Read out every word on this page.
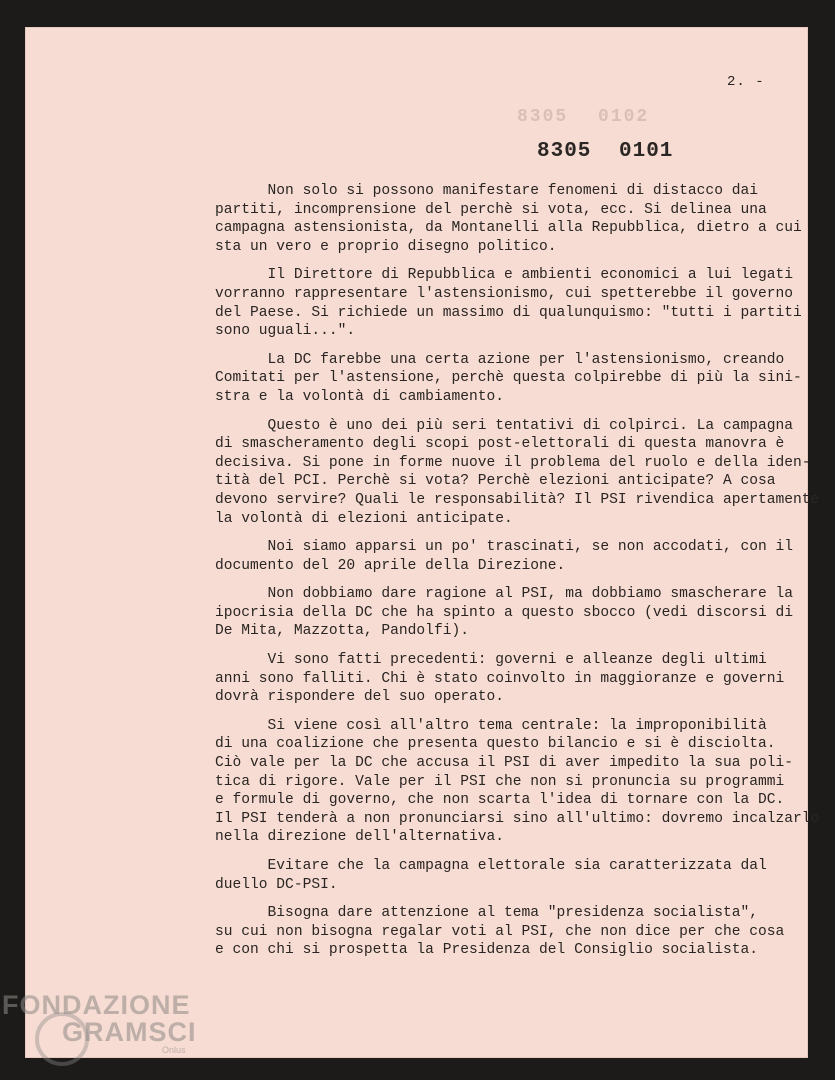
2. -
8305 0102
8305 0101

Non solo si possono manifestare fenomeni di distacco dai
partiti, incomprensione del perchè si vota, ecc. Si delinea una
campagna astensionista, da Montanelli alla Repubblica, dietro a
sta un vero e proprio disegno politico.

Il Direttore di Repubblica e ambienti economici a lui legati
vorranno rappresentare l'astensionismo, cui spetterebbe il governo
del Paese. Si richiede un massimo di qualunquismo: "tutti i partiti
sono uguali...".

La DC farebbe una certa azione per l'astensionismo, creando
Comitati per l'astensione, perchè questa colpirebbe di più la
stra e la volontà di cambiamento.

Questo è uno dei più seri tentativi di colpirci. La campagna
di smascheramento degli scopi post-elettorali di questa manovra
decisiva. Si pone in forme nuove il problema del ruolo e della
tità del PCI. Perchè si vota? Perchè elezioni anticipate? A cosa
devono servire? Quali le responsabilità? Il PSI rivendica apertamente
la volontà di elezioni anticipate.

Noi siamo apparsi un po' trascinati, se non accodati, con
documento del 20 aprile della Direzione.

Non dobbiamo dare ragione al PSI, ma dobbiamo smascherare
ipocrisia della DC che ha spinto a questo sbocco (vedi discorsi
De Mita, Mazzotta, Pandolfi).

Vi sono fatti precedenti: governi e alleanze degli ultimi
anni sono falliti. Chi è stato coinvolto in maggioranze e governi
dovrà rispondere del suo operato.

Si viene così all'altro tema centrale: la improponibilità
di una coalizione che presenta questo bilancio e si è disciolta.
Ciò vale per la DC che accusa il PSI di aver impedito la sua poli-
tica di rigore. Vale per il PSI che non si pronuncia su programmi
e formule di governo, che non scarta l'idea di tornare con la DC.
Il PSI tenderà a non pronunciarsi sino all'ultimo: dovremo
nella direzione dell'alternativa.

Evitare che la campagna elettorale sia caratterizzata dal
duello DC-PSI.

Bisogna dare attenzione al tema "presidenza socialista",
su cui non bisogna regalar voti al PSI, che non dice per che cosa
e con chi si prospetta la Presidenza del Consiglio socialista.

FONDAZIONE
GRAMSCI
Onlus
